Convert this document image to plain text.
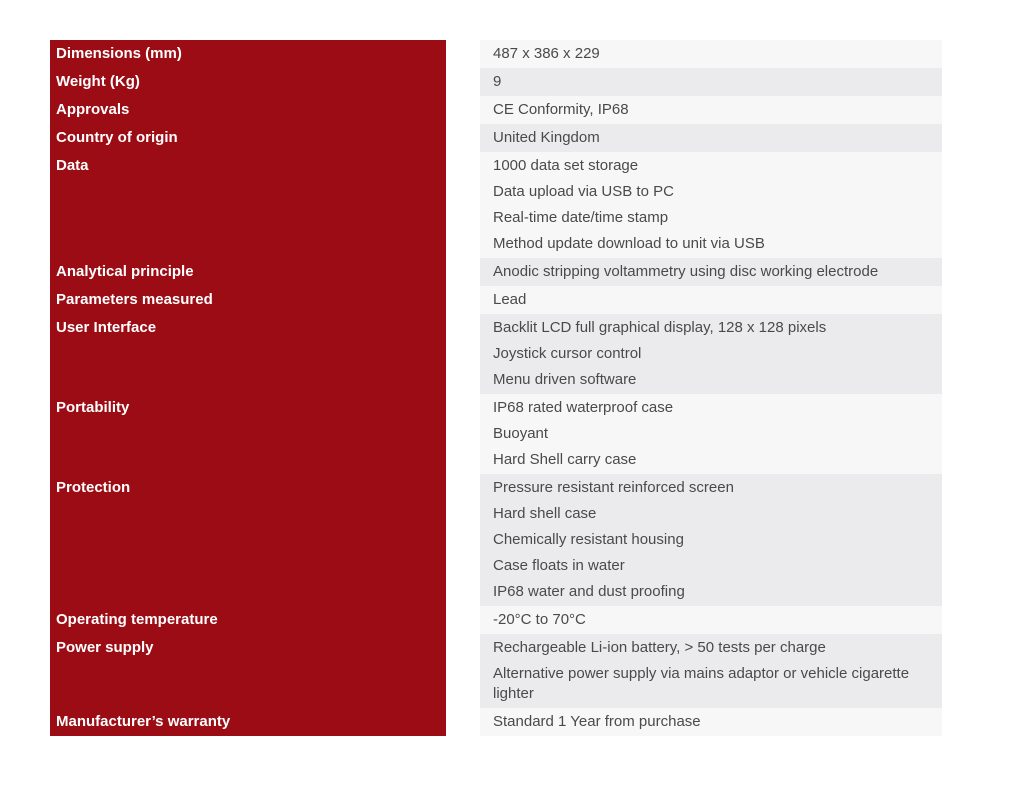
Dimensions (mm)	487 x 386 x 229
Weight (Kg)	9
Approvals	CE Conformity, IP68
Country of origin	United Kingdom
Data	1000 data set storage
Data upload via USB to PC
Real-time date/time stamp
Method update download to unit via USB
Analytical principle	Anodic stripping voltammetry using disc working electrode
Parameters measured	Lead
User Interface	Backlit LCD full graphical display, 128 x 128 pixels
Joystick cursor control
Menu driven software
Portability	IP68 rated waterproof case
Buoyant
Hard Shell carry case
Protection	Pressure resistant reinforced screen
Hard shell case
Chemically resistant housing
Case floats in water
IP68 water and dust proofing
Operating temperature	-20°C to 70°C
Power supply	Rechargeable Li-ion battery, > 50 tests per charge
Alternative power supply via mains adaptor or vehicle cigarette lighter
Manufacturer’s warranty	Standard 1 Year from purchase
